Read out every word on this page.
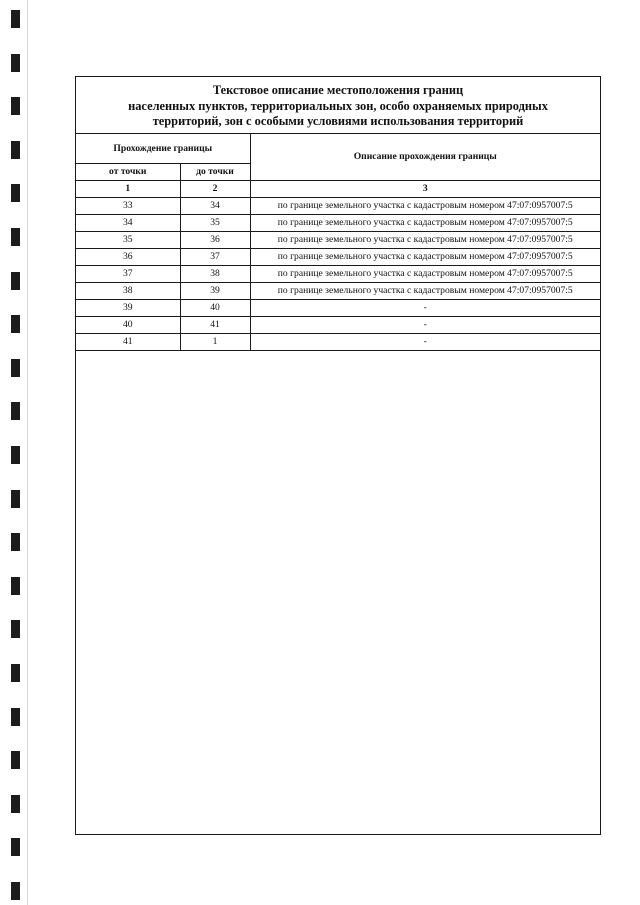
Текстовое описание местоположения границ
населенных пунктов, территориальных зон, особо охраняемых природных
территорий, зон с особыми условиями использования территорий
Прохождение границы		Описание прохождения границы
от точки	до точки	
1	2	3
33	34	по границе земельного участка с кадастровым номером 47:07:0957007:5
34	35	по границе земельного участка с кадастровым номером 47:07:0957007:5
35	36	по границе земельного участка с кадастровым номером 47:07:0957007:5
36	37	по границе земельного участка с кадастровым номером 47:07:0957007:5
37	38	по границе земельного участка с кадастровым номером 47:07:0957007:5
38	39	по границе земельного участка с кадастровым номером 47:07:0957007:5
39	40	-
40	41	-
41	1	-
